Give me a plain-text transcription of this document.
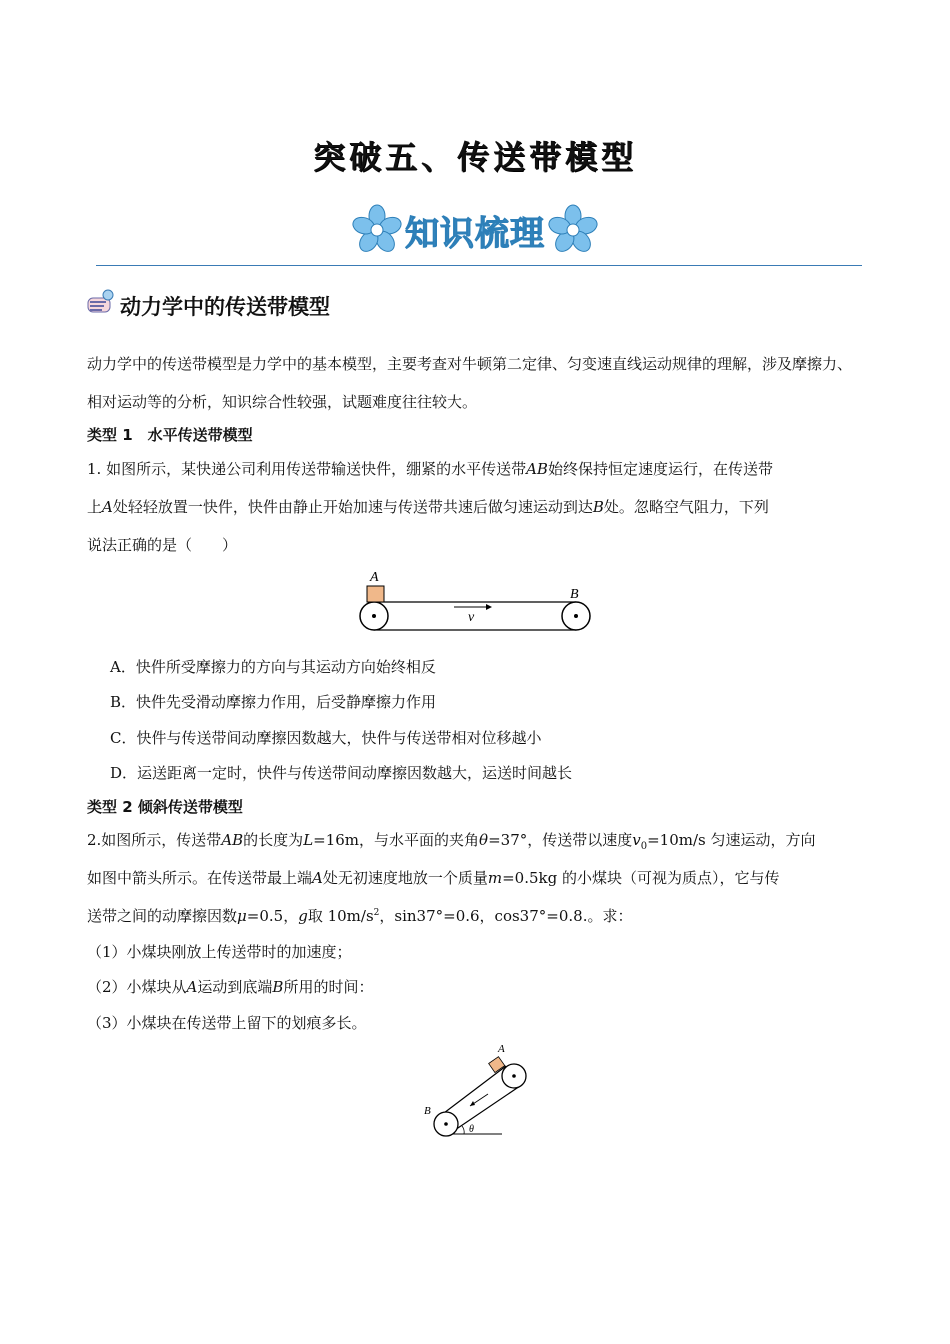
突破五、传送带模型
知识梳理
动力学中的传送带模型
动力学中的传送带模型是力学中的基本模型，主要考查对牛顿第二定律、匀变速直线运动规律的理解，涉及摩擦力、相对运动等的分析，知识综合性较强，试题难度往往较大。
类型 1　水平传送带模型
1. 如图所示，某快递公司利用传送带输送快件，绷紧的水平传送带AB始终保持恒定速度运行，在传送带
上A处轻轻放置一快件，快件由静止开始加速与传送带共速后做匀速运动到达B处。忽略空气阻力，下列
说法正确的是（　　）
A
B
v
A．快件所受摩擦力的方向与其运动方向始终相反
B．快件先受滑动摩擦力作用，后受静摩擦力作用
C．快件与传送带间动摩擦因数越大，快件与传送带相对位移越小
D．运送距离一定时，快件与传送带间动摩擦因数越大，运送时间越长
类型 2 倾斜传送带模型
2.如图所示，传送带AB的长度为L=16m，与水平面的夹角θ=37°，传送带以速度$v_0=10m/s$ 匀速运动，方向
如图中箭头所示。在传送带最上端A处无初速度地放一个质量m=0.5kg 的小煤块（可视为质点），它与传
送带之间的动摩擦因数μ=0.5，g取 $10m/s^2$，sin37°=0.6，cos37°=0.8.。求：
（1）小煤块刚放上传送带时的加速度；
（2）小煤块从A运动到底端B所用的时间：
（3）小煤块在传送带上留下的划痕多长。
A
B
θ
